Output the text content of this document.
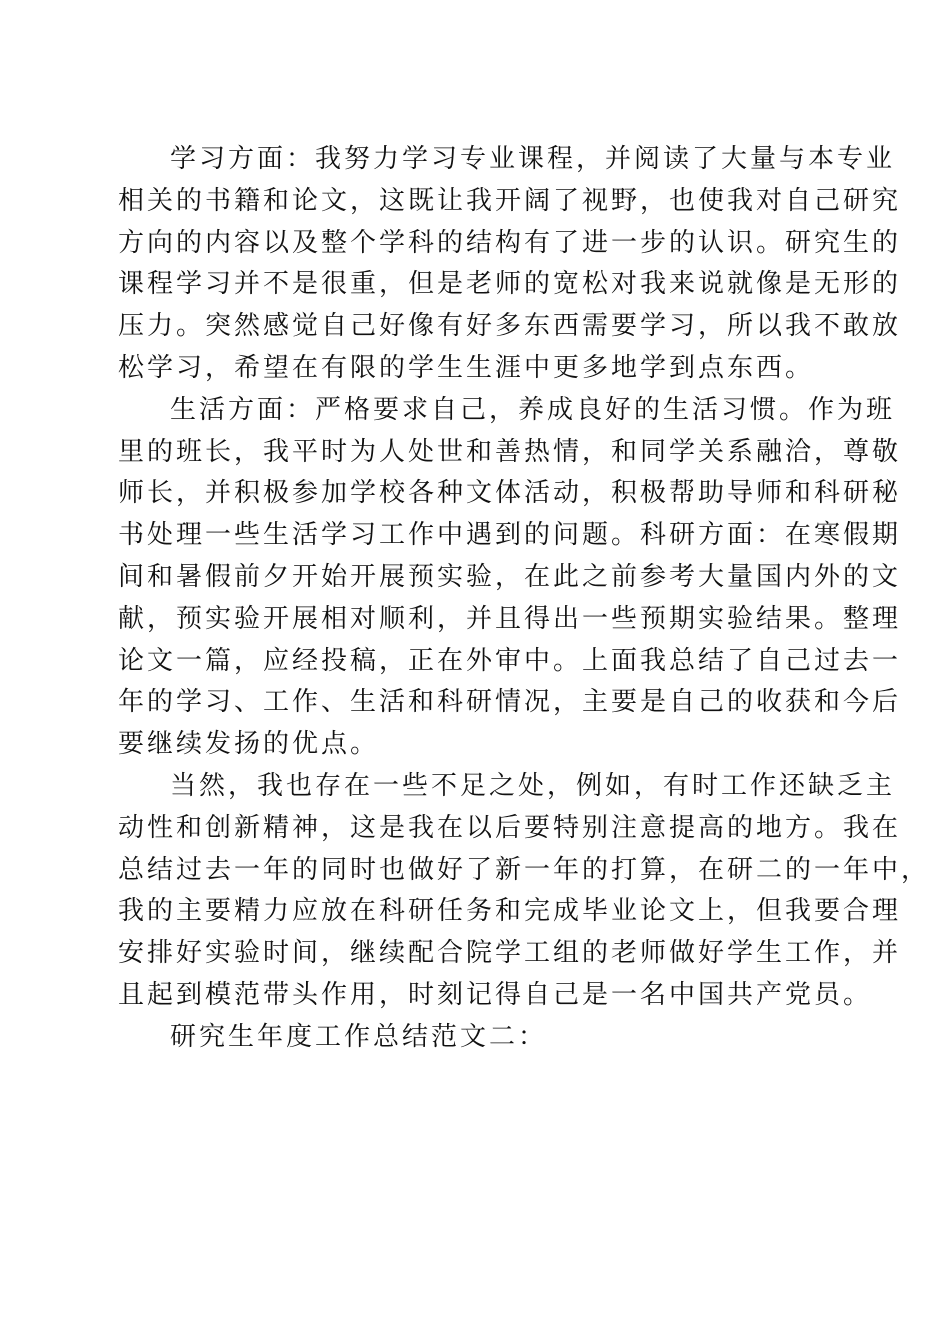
学习方面：我努力学习专业课程，并阅读了大量与本专业
相关的书籍和论文，这既让我开阔了视野，也使我对自己研究
方向的内容以及整个学科的结构有了进一步的认识。研究生的
课程学习并不是很重，但是老师的宽松对我来说就像是无形的
压力。突然感觉自己好像有好多东西需要学习，所以我不敢放
松学习，希望在有限的学生生涯中更多地学到点东西。

生活方面：严格要求自己，养成良好的生活习惯。作为班
里的班长，我平时为人处世和善热情，和同学关系融洽，尊敬
师长，并积极参加学校各种文体活动，积极帮助导师和科研秘
书处理一些生活学习工作中遇到的问题。科研方面：在寒假期
间和暑假前夕开始开展预实验，在此之前参考大量国内外的文
献，预实验开展相对顺利，并且得出一些预期实验结果。整理
论文一篇，应经投稿，正在外审中。上面我总结了自己过去一
年的学习、工作、生活和科研情况，主要是自己的收获和今后
要继续发扬的优点。

当然，我也存在一些不足之处，例如，有时工作还缺乏主
动性和创新精神，这是我在以后要特别注意提高的地方。我在
总结过去一年的同时也做好了新一年的打算，在研二的一年中，
我的主要精力应放在科研任务和完成毕业论文上，但我要合理
安排好实验时间，继续配合院学工组的老师做好学生工作，并
且起到模范带头作用，时刻记得自己是一名中国共产党员。

研究生年度工作总结范文二：
